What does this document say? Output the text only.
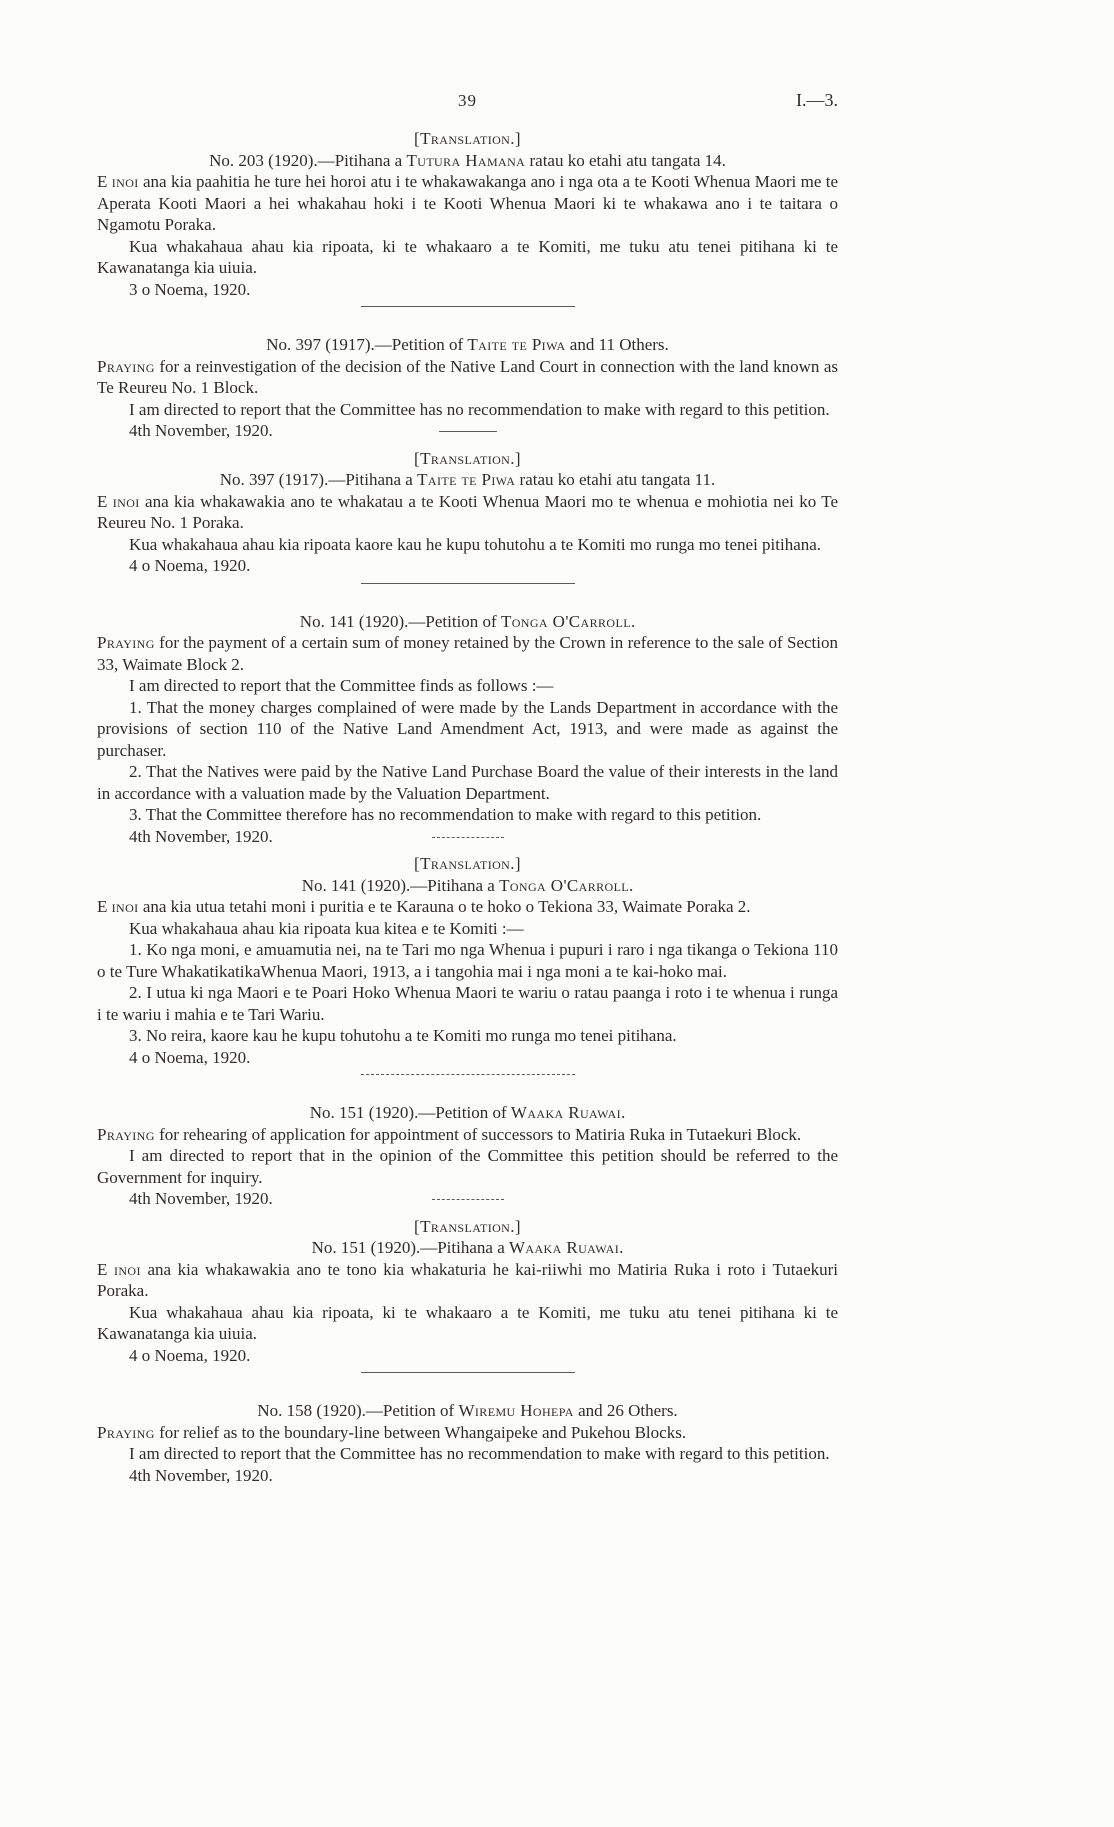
39	I.—3.
[Translation.]
No. 203 (1920).—Pitihana a Tutura Hamana ratau ko etahi atu tangata 14.

E inoi ana kia paahitia he ture hei horoi atu i te whakawakanga ano i nga ota a te Kooti Whenua Maori me te Aperata Kooti Maori a hei whakahau hoki i te Kooti Whenua Maori ki te whakawa ano i te taitara o Ngamotu Poraka.

Kua whakahaua ahau kia ripoata, ki te whakaaro a te Komiti, me tuku atu tenei pitihana ki te Kawanatanga kia uiuia.

3 o Noema, 1920.
No. 397 (1917).—Petition of Taite te Piwa and 11 Others.

Praying for a reinvestigation of the decision of the Native Land Court in connection with the land known as Te Reureu No. 1 Block.

I am directed to report that the Committee has no recommendation to make with regard to this petition.

4th November, 1920.
[Translation.]
No. 397 (1917).—Pitihana a Taite te Piwa ratau ko etahi atu tangata 11.

E inoi ana kia whakawakia ano te whakatau a te Kooti Whenua Maori mo te whenua e mohiotia nei ko Te Reureu No. 1 Poraka.

Kua whakahaua ahau kia ripoata kaore kau he kupu tohutohu a te Komiti mo runga mo tenei pitihana.

4 o Noema, 1920.
No. 141 (1920).—Petition of Tonga O'Carroll.

Praying for the payment of a certain sum of money retained by the Crown in reference to the sale of Section 33, Waimate Block 2.

I am directed to report that the Committee finds as follows :—

1. That the money charges complained of were made by the Lands Department in accordance with the provisions of section 110 of the Native Land Amendment Act, 1913, and were made as against the purchaser.

2. That the Natives were paid by the Native Land Purchase Board the value of their interests in the land in accordance with a valuation made by the Valuation Department.

3. That the Committee therefore has no recommendation to make with regard to this petition.

4th November, 1920.
[Translation.]
No. 141 (1920).—Pitihana a Tonga O'Carroll.

E inoi ana kia utua tetahi moni i puritia e te Karauna o te hoko o Tekiona 33, Waimate Poraka 2.

Kua whakahaua ahau kia ripoata kua kitea e te Komiti :—

1. Ko nga moni, e amuamutia nei, na te Tari mo nga Whenua i pupuri i raro i nga tikanga o Tekiona 110 o te Ture WhakatikatikaWhenua Maori, 1913, a i tangohia mai i nga moni a te kai-hoko mai.

2. I utua ki nga Maori e te Poari Hoko Whenua Maori te wariu o ratau paanga i roto i te whenua i runga i te wariu i mahia e te Tari Wariu.

3. No reira, kaore kau he kupu tohutohu a te Komiti mo runga mo tenei pitihana.

4 o Noema, 1920.
No. 151 (1920).—Petition of Waaka Ruawai.

Praying for rehearing of application for appointment of successors to Matiria Ruka in Tutaekuri Block.

I am directed to report that in the opinion of the Committee this petition should be referred to the Government for inquiry.

4th November, 1920.
[Translation.]
No. 151 (1920).—Pitihana a Waaka Ruawai.

E inoi ana kia whakawakia ano te tono kia whakaturia he kai-riiwhi mo Matiria Ruka i roto i Tutaekuri Poraka.

Kua whakahaua ahau kia ripoata, ki te whakaaro a te Komiti, me tuku atu tenei pitihana ki te Kawanatanga kia uiuia.

4 o Noema, 1920.
No. 158 (1920).—Petition of Wiremu Hohepa and 26 Others.

Praying for relief as to the boundary-line between Whangaipeke and Pukehou Blocks.

I am directed to report that the Committee has no recommendation to make with regard to this petition.

4th November, 1920.
